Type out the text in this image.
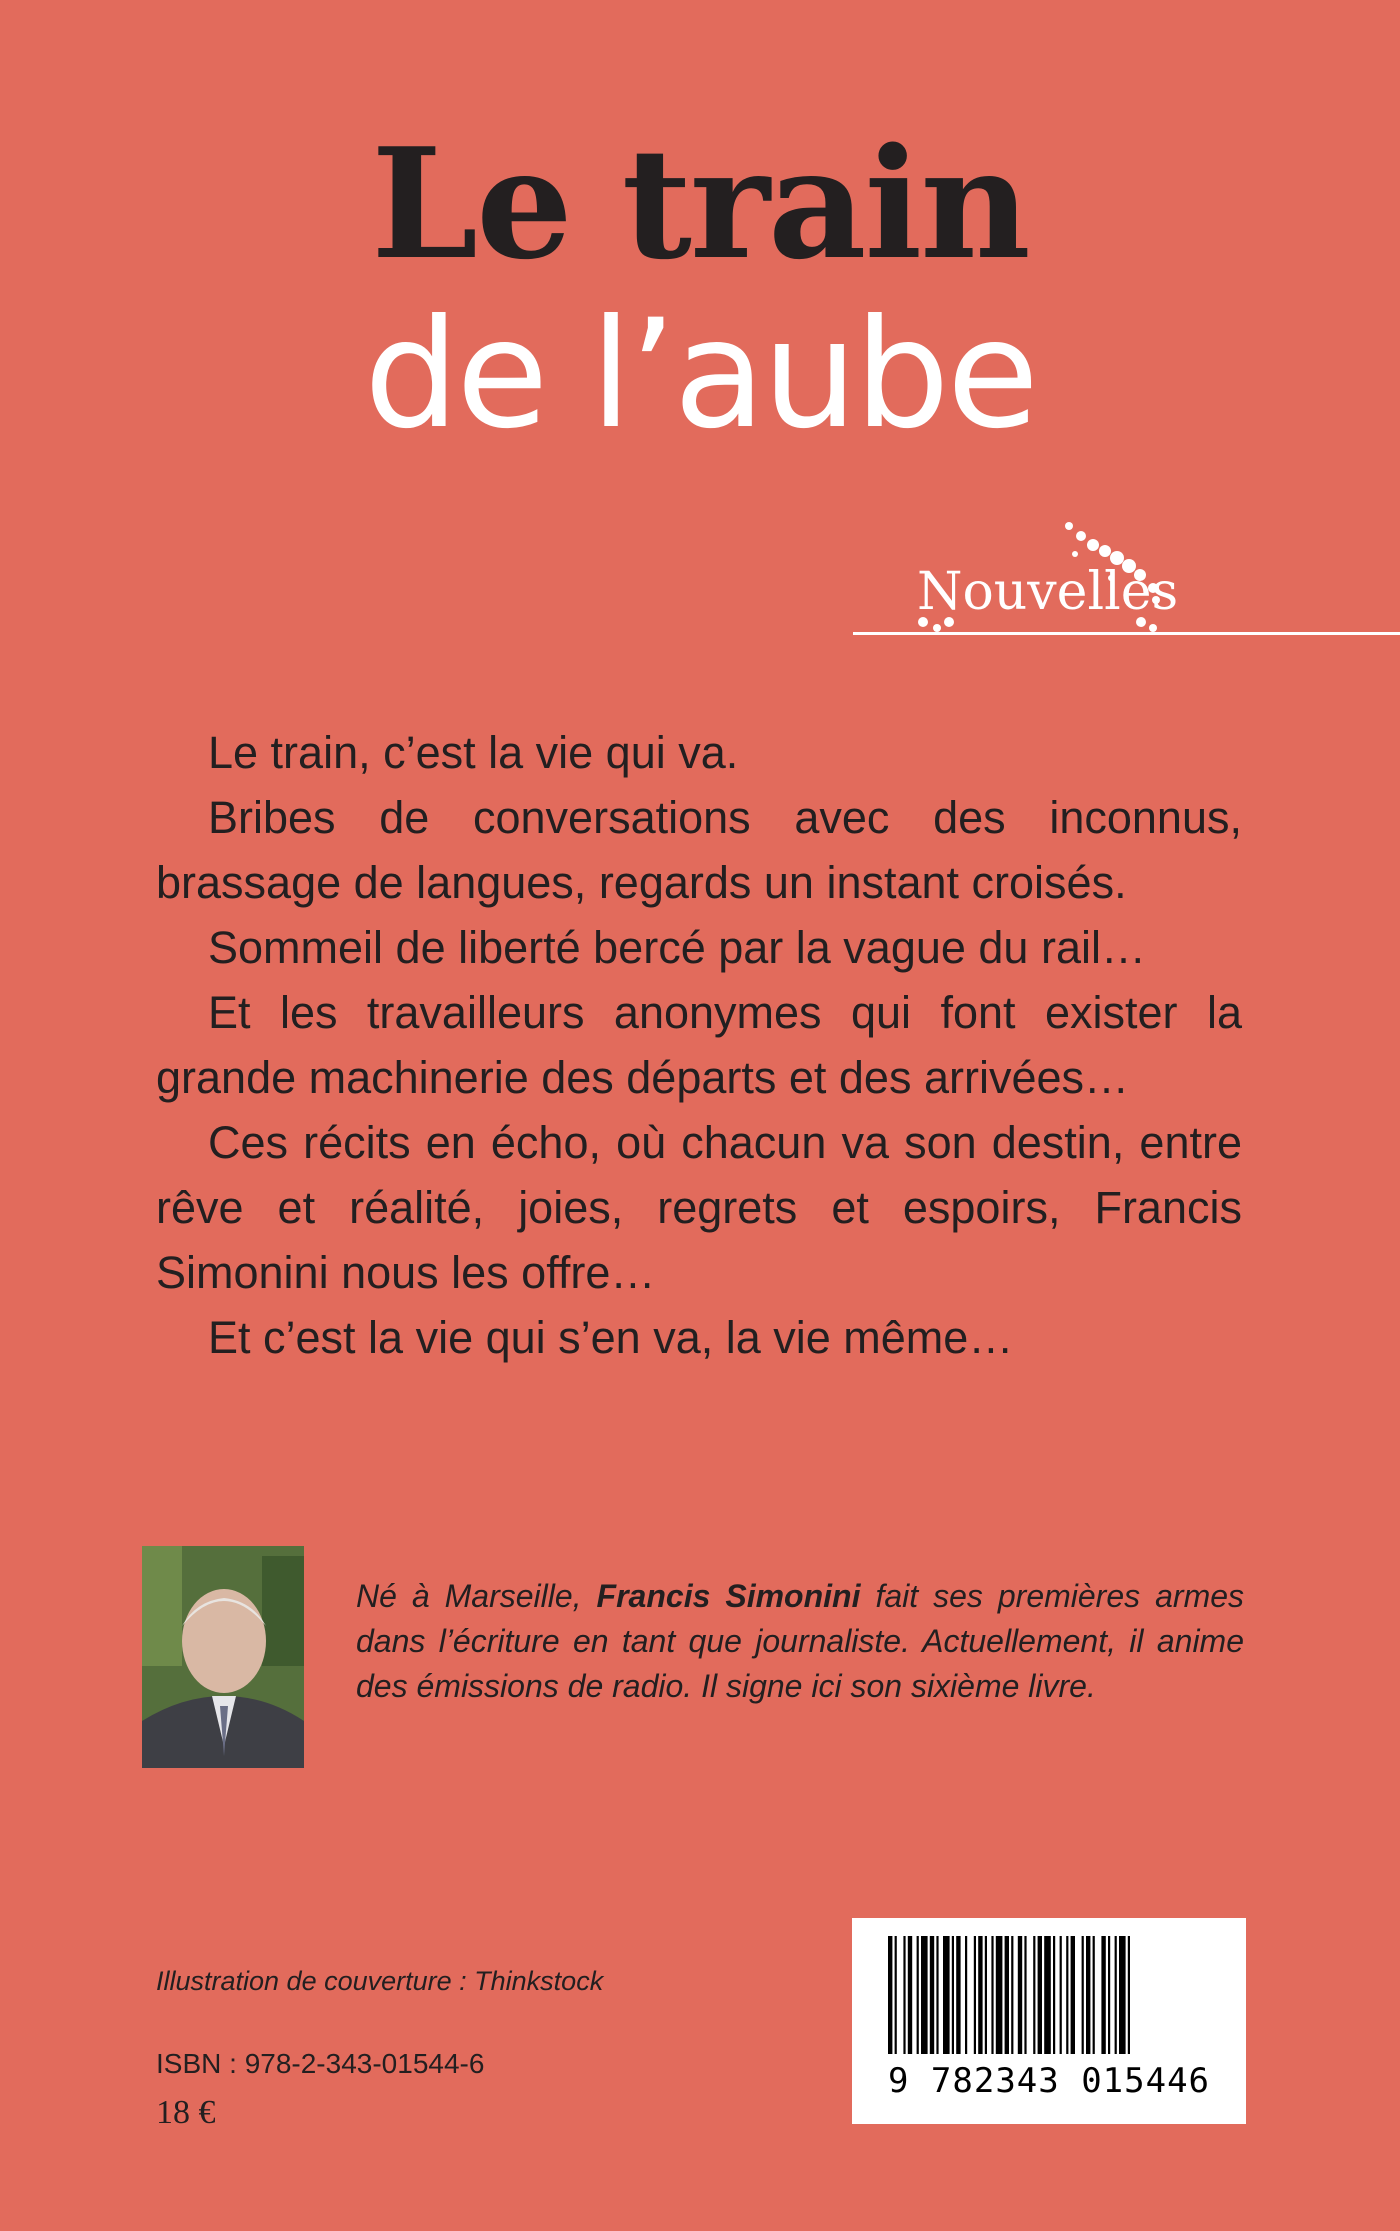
Le train
de l’aube
Nouvelles

Le train, c’est la vie qui va.

Bribes de conversations avec des inconnus, brassage de langues, regards un instant croisés.

Sommeil de liberté bercé par la vague du rail…

Et les travailleurs anonymes qui font exister la grande machinerie des départs et des arrivées…

Ces récits en écho, où chacun va son destin, entre rêve et réalité, joies, regrets et espoirs, Francis Simonini nous les offre…

Et c’est la vie qui s’en va, la vie même…

Né à Marseille, Francis Simonini fait ses premières armes dans l’écriture en tant que journaliste. Actuellement, il anime des émissions de radio. Il signe ici son sixième livre.
Illustration de couverture : Thinkstock
ISBN : 978-2-343-01544-6
18 €
9 782343 015446
